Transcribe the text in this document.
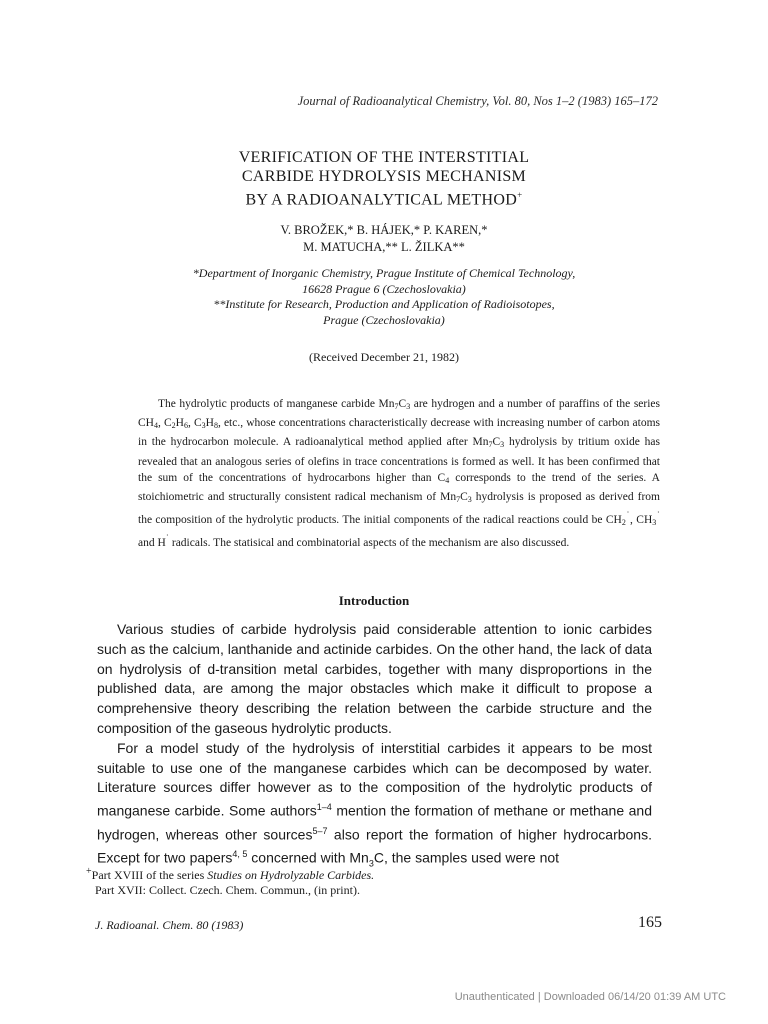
Journal of Radioanalytical Chemistry, Vol. 80, Nos 1–2 (1983) 165–172
VERIFICATION OF THE INTERSTITIAL
CARBIDE HYDROLYSIS MECHANISM
BY A RADIOANALYTICAL METHOD+
V. BROŽEK,* B. HÁJEK,* P. KAREN,*
M. MATUCHA,** L. ŽILKA**
*Department of Inorganic Chemistry, Prague Institute of Chemical Technology,
16628 Prague 6 (Czechoslovakia)
**Institute for Research, Production and Application of Radioisotopes,
Prague (Czechoslovakia)
(Received December 21, 1982)
The hydrolytic products of manganese carbide $Mn_7C_3$ are hydrogen and a number of paraffins of the series $CH_4$, $C_2H_6$, $C_3H_8$, etc., whose concentrations characteristically decrease with increasing number of carbon atoms in the hydrocarbon molecule. A radioanalytical method applied after $Mn_7C_3$ hydrolysis by tritium oxide has revealed that an analogous series of olefins in trace concentrations is formed as well. It has been confirmed that the sum of the concentrations of hydrocarbons higher than $C_4$ corresponds to the trend of the series. A stoichiometric and structurally consistent radical mechanism of $Mn_7C_3$ hydrolysis is proposed as derived from the composition of the hydrolytic products. The initial components of the radical reactions could be $CH_2^˙$, $CH_3^˙$ and H˙ radicals. The statisical and combinatorial aspects of the mechanism are also discussed.
Introduction

Various studies of carbide hydrolysis paid considerable attention to ionic carbides such as the calcium, lanthanide and actinide carbides. On the other hand, the lack of data on hydrolysis of d-transition metal carbides, together with many disproportions in the published data, are among the major obstacles which make it difficult to propose a comprehensive theory describing the relation between the carbide structure and the composition of the gaseous hydrolytic products.

For a model study of the hydrolysis of interstitial carbides it appears to be most suitable to use one of the manganese carbides which can be decomposed by water. Literature sources differ however as to the composition of the hydrolytic products of manganese carbide. Some authors$^{1-4}$ mention the formation of methane or methane and hydrogen, whereas other sources$^{5-7}$ also report the formation of higher hydrocarbons. Except for two papers$^{4, 5}$ concerned with $Mn_3C$, the samples used were not

+Part XVIII of the series Studies on Hydrolyzable Carbides.
Part XVII: Collect. Czech. Chem. Commun., (in print).
J. Radioanal. Chem. 80 (1983)	165
Unauthenticated | Downloaded 06/14/20 01:39 AM UTC
